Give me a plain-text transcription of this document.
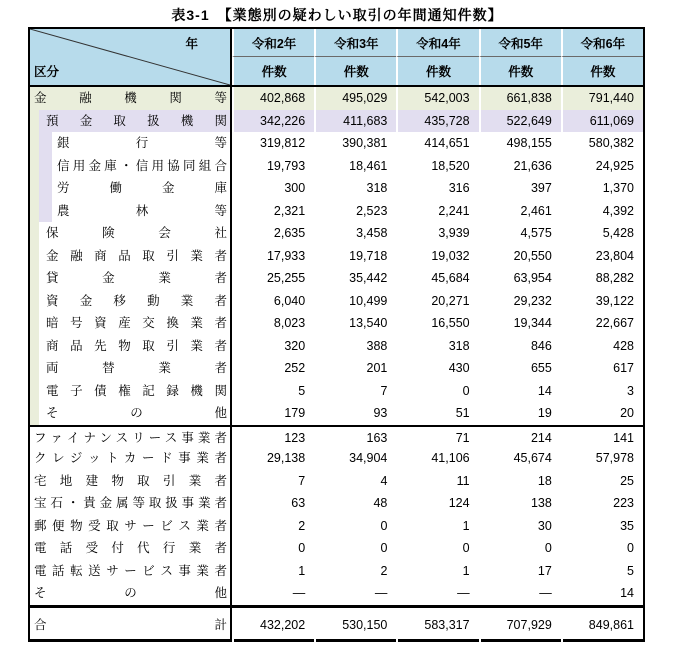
表3-1　【業態別の疑わしい取引の年間通知件数】
年
区分
令和2年	令和3年	令和4年	令和5年	令和6年
件数	件数	件数	件数	件数
金融機関等	402,868	495,029	542,003	661,838	791,440
預金取扱機関	342,226	411,683	435,728	522,649	611,069
銀行等	319,812	390,381	414,651	498,155	580,382
信用金庫・信用協同組合	19,793	18,461	18,520	21,636	24,925
労働金庫	300	318	316	397	1,370
農林等	2,321	2,523	2,241	2,461	4,392
保険会社	2,635	3,458	3,939	4,575	5,428
金融商品取引業者	17,933	19,718	19,032	20,550	23,804
貸金業者	25,255	35,442	45,684	63,954	88,282
資金移動業者	6,040	10,499	20,271	29,232	39,122
暗号資産交換業者	8,023	13,540	16,550	19,344	22,667
商品先物取引業者	320	388	318	846	428
両替業者	252	201	430	655	617
電子債権記録機関	5	7	0	14	3
その他	179	93	51	19	20
ファイナンスリース事業者	123	163	71	214	141
クレジットカード事業者	29,138	34,904	41,106	45,674	57,978
宅地建物取引業者	7	4	11	18	25
宝石・貴金属等取扱事業者	63	48	124	138	223
郵便物受取サービス業者	2	0	1	30	35
電話受付代行業者	0	0	0	0	0
電話転送サービス事業者	1	2	1	17	5
その他	―	―	―	―	14
合計	432,202	530,150	583,317	707,929	849,861
